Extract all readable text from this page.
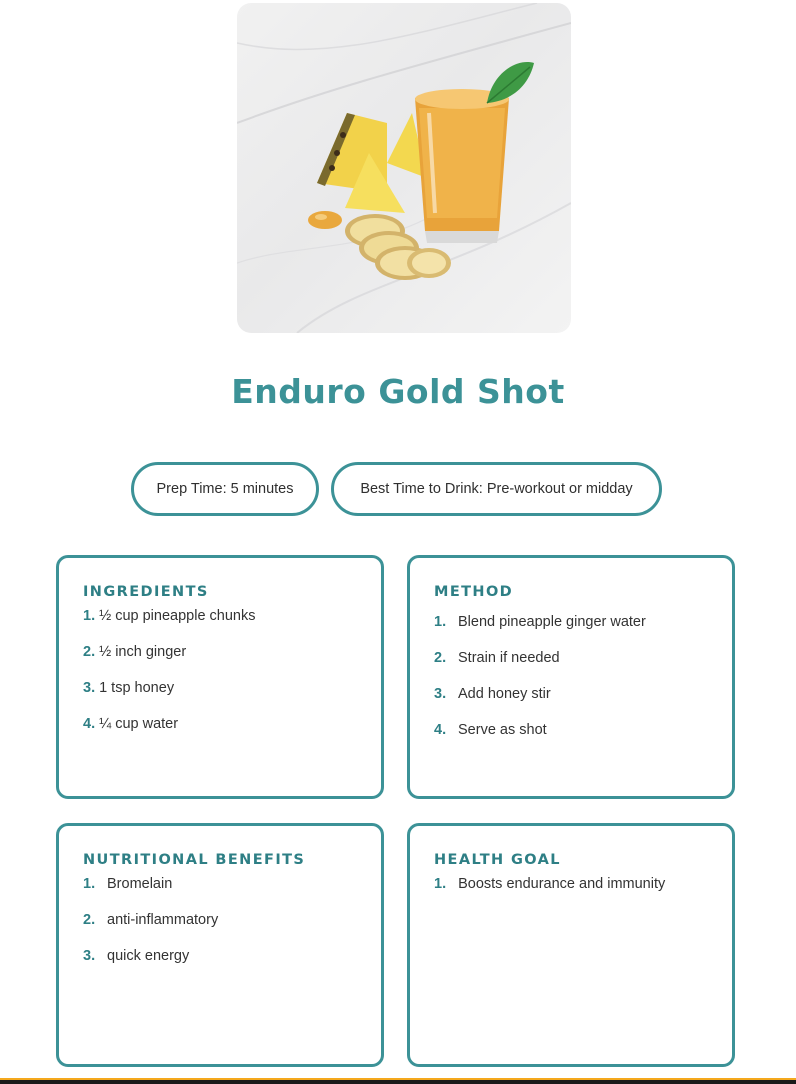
Enduro Gold Shot
Prep Time: 5 minutes	Best Time to Drink: Pre-workout or midday
INGREDIENTS
1. ½ cup pineapple chunks
2. ½ inch ginger
3. 1 tsp honey
4. ¼ cup water
METHOD
1. Blend pineapple ginger water
2. Strain if needed
3. Add honey stir
4. Serve as shot
NUTRITIONAL BENEFITS
1. Bromelain
2. anti-inflammatory
3. quick energy
HEALTH GOAL
1. Boosts endurance and immunity
